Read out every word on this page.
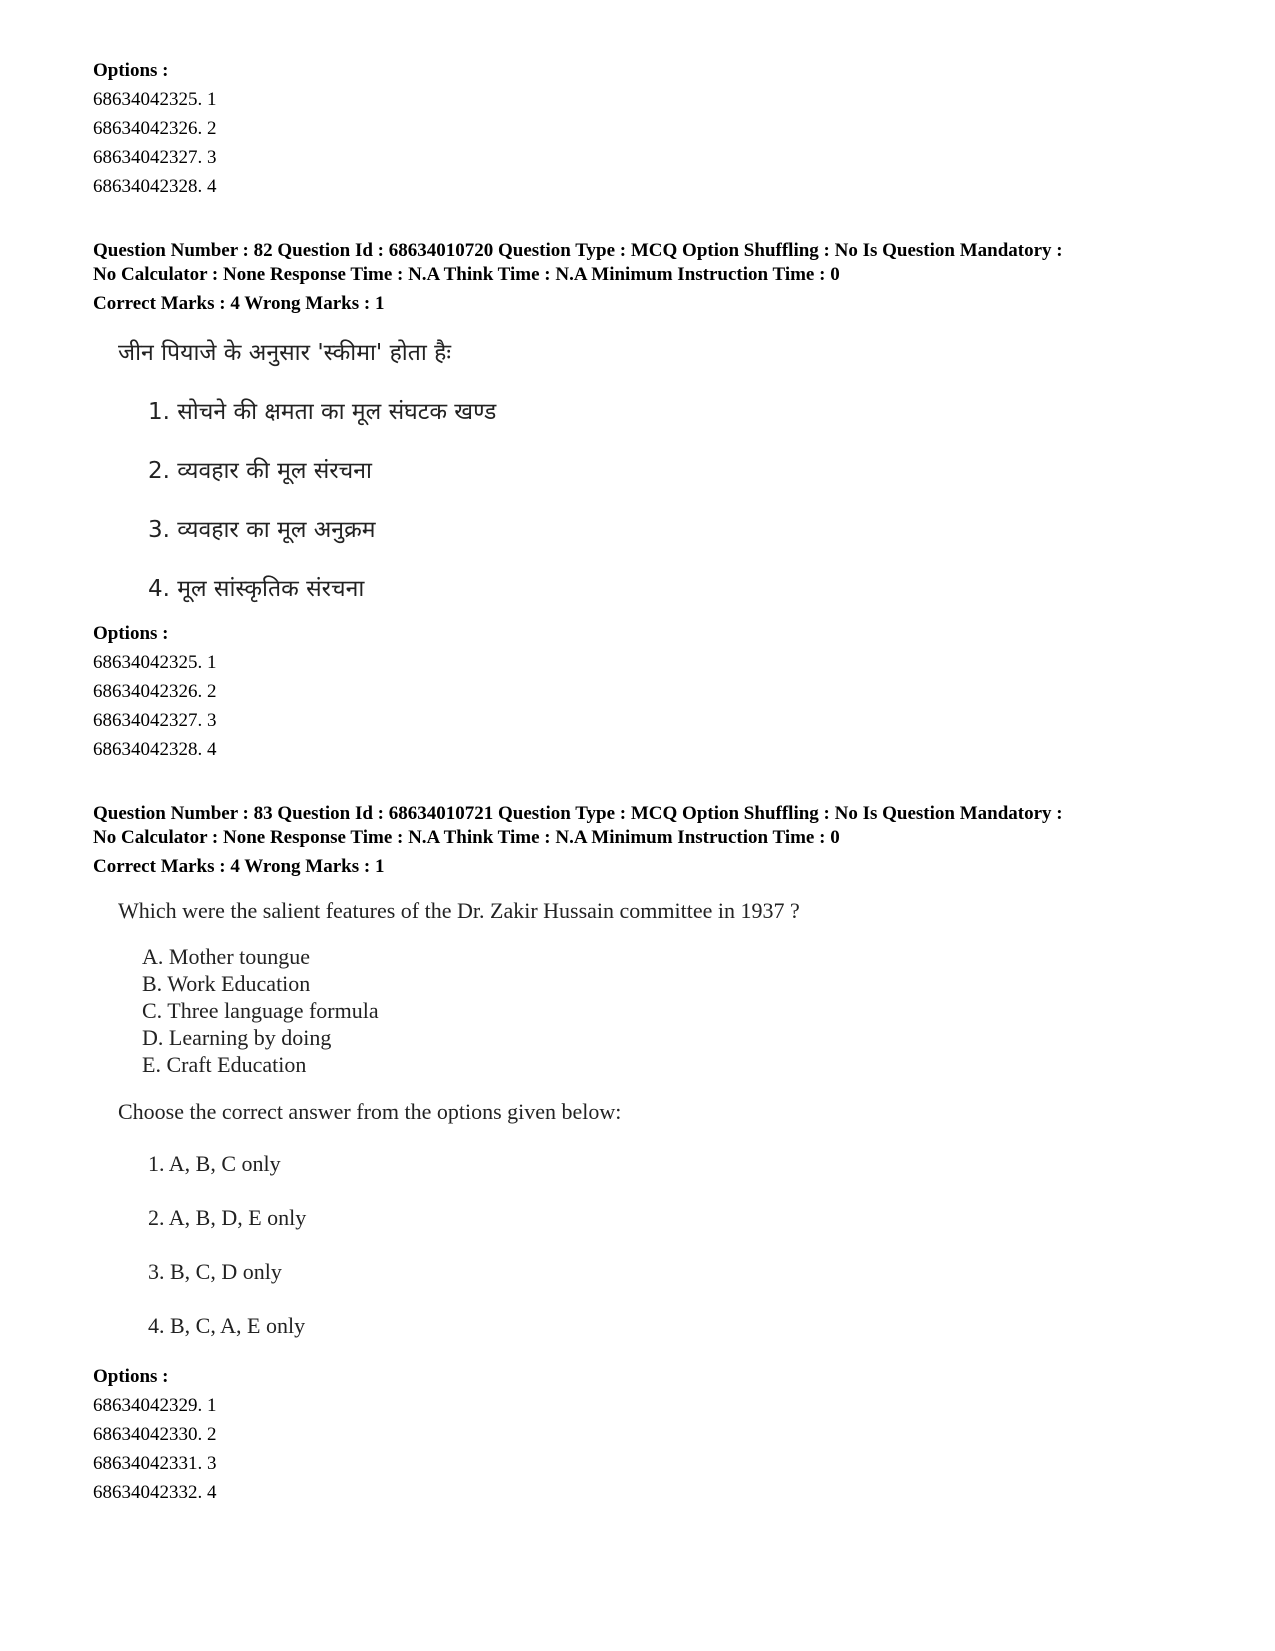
Options :
68634042325. 1
68634042326. 2
68634042327. 3
68634042328. 4
Question Number : 82 Question Id : 68634010720 Question Type : MCQ Option Shuffling : No Is Question Mandatory :
No Calculator : None Response Time : N.A Think Time : N.A Minimum Instruction Time : 0
Correct Marks : 4 Wrong Marks : 1
जीन पियाजे के अनुसार 'स्कीमा' होता हैः
1. सोचने की क्षमता का मूल संघटक खण्ड
2. व्यवहार की मूल संरचना
3. व्यवहार का मूल अनुक्रम
4. मूल सांस्कृतिक संरचना
Options :
68634042325. 1
68634042326. 2
68634042327. 3
68634042328. 4
Question Number : 83 Question Id : 68634010721 Question Type : MCQ Option Shuffling : No Is Question Mandatory :
No Calculator : None Response Time : N.A Think Time : N.A Minimum Instruction Time : 0
Correct Marks : 4 Wrong Marks : 1
Which were the salient features of the Dr. Zakir Hussain committee in 1937 ?
A. Mother toungue
B. Work Education
C. Three language formula
D. Learning by doing
E. Craft Education
Choose the correct answer from the options given below:
1. A, B, C only
2. A, B, D, E only
3. B, C, D only
4. B, C, A, E only
Options :
68634042329. 1
68634042330. 2
68634042331. 3
68634042332. 4
